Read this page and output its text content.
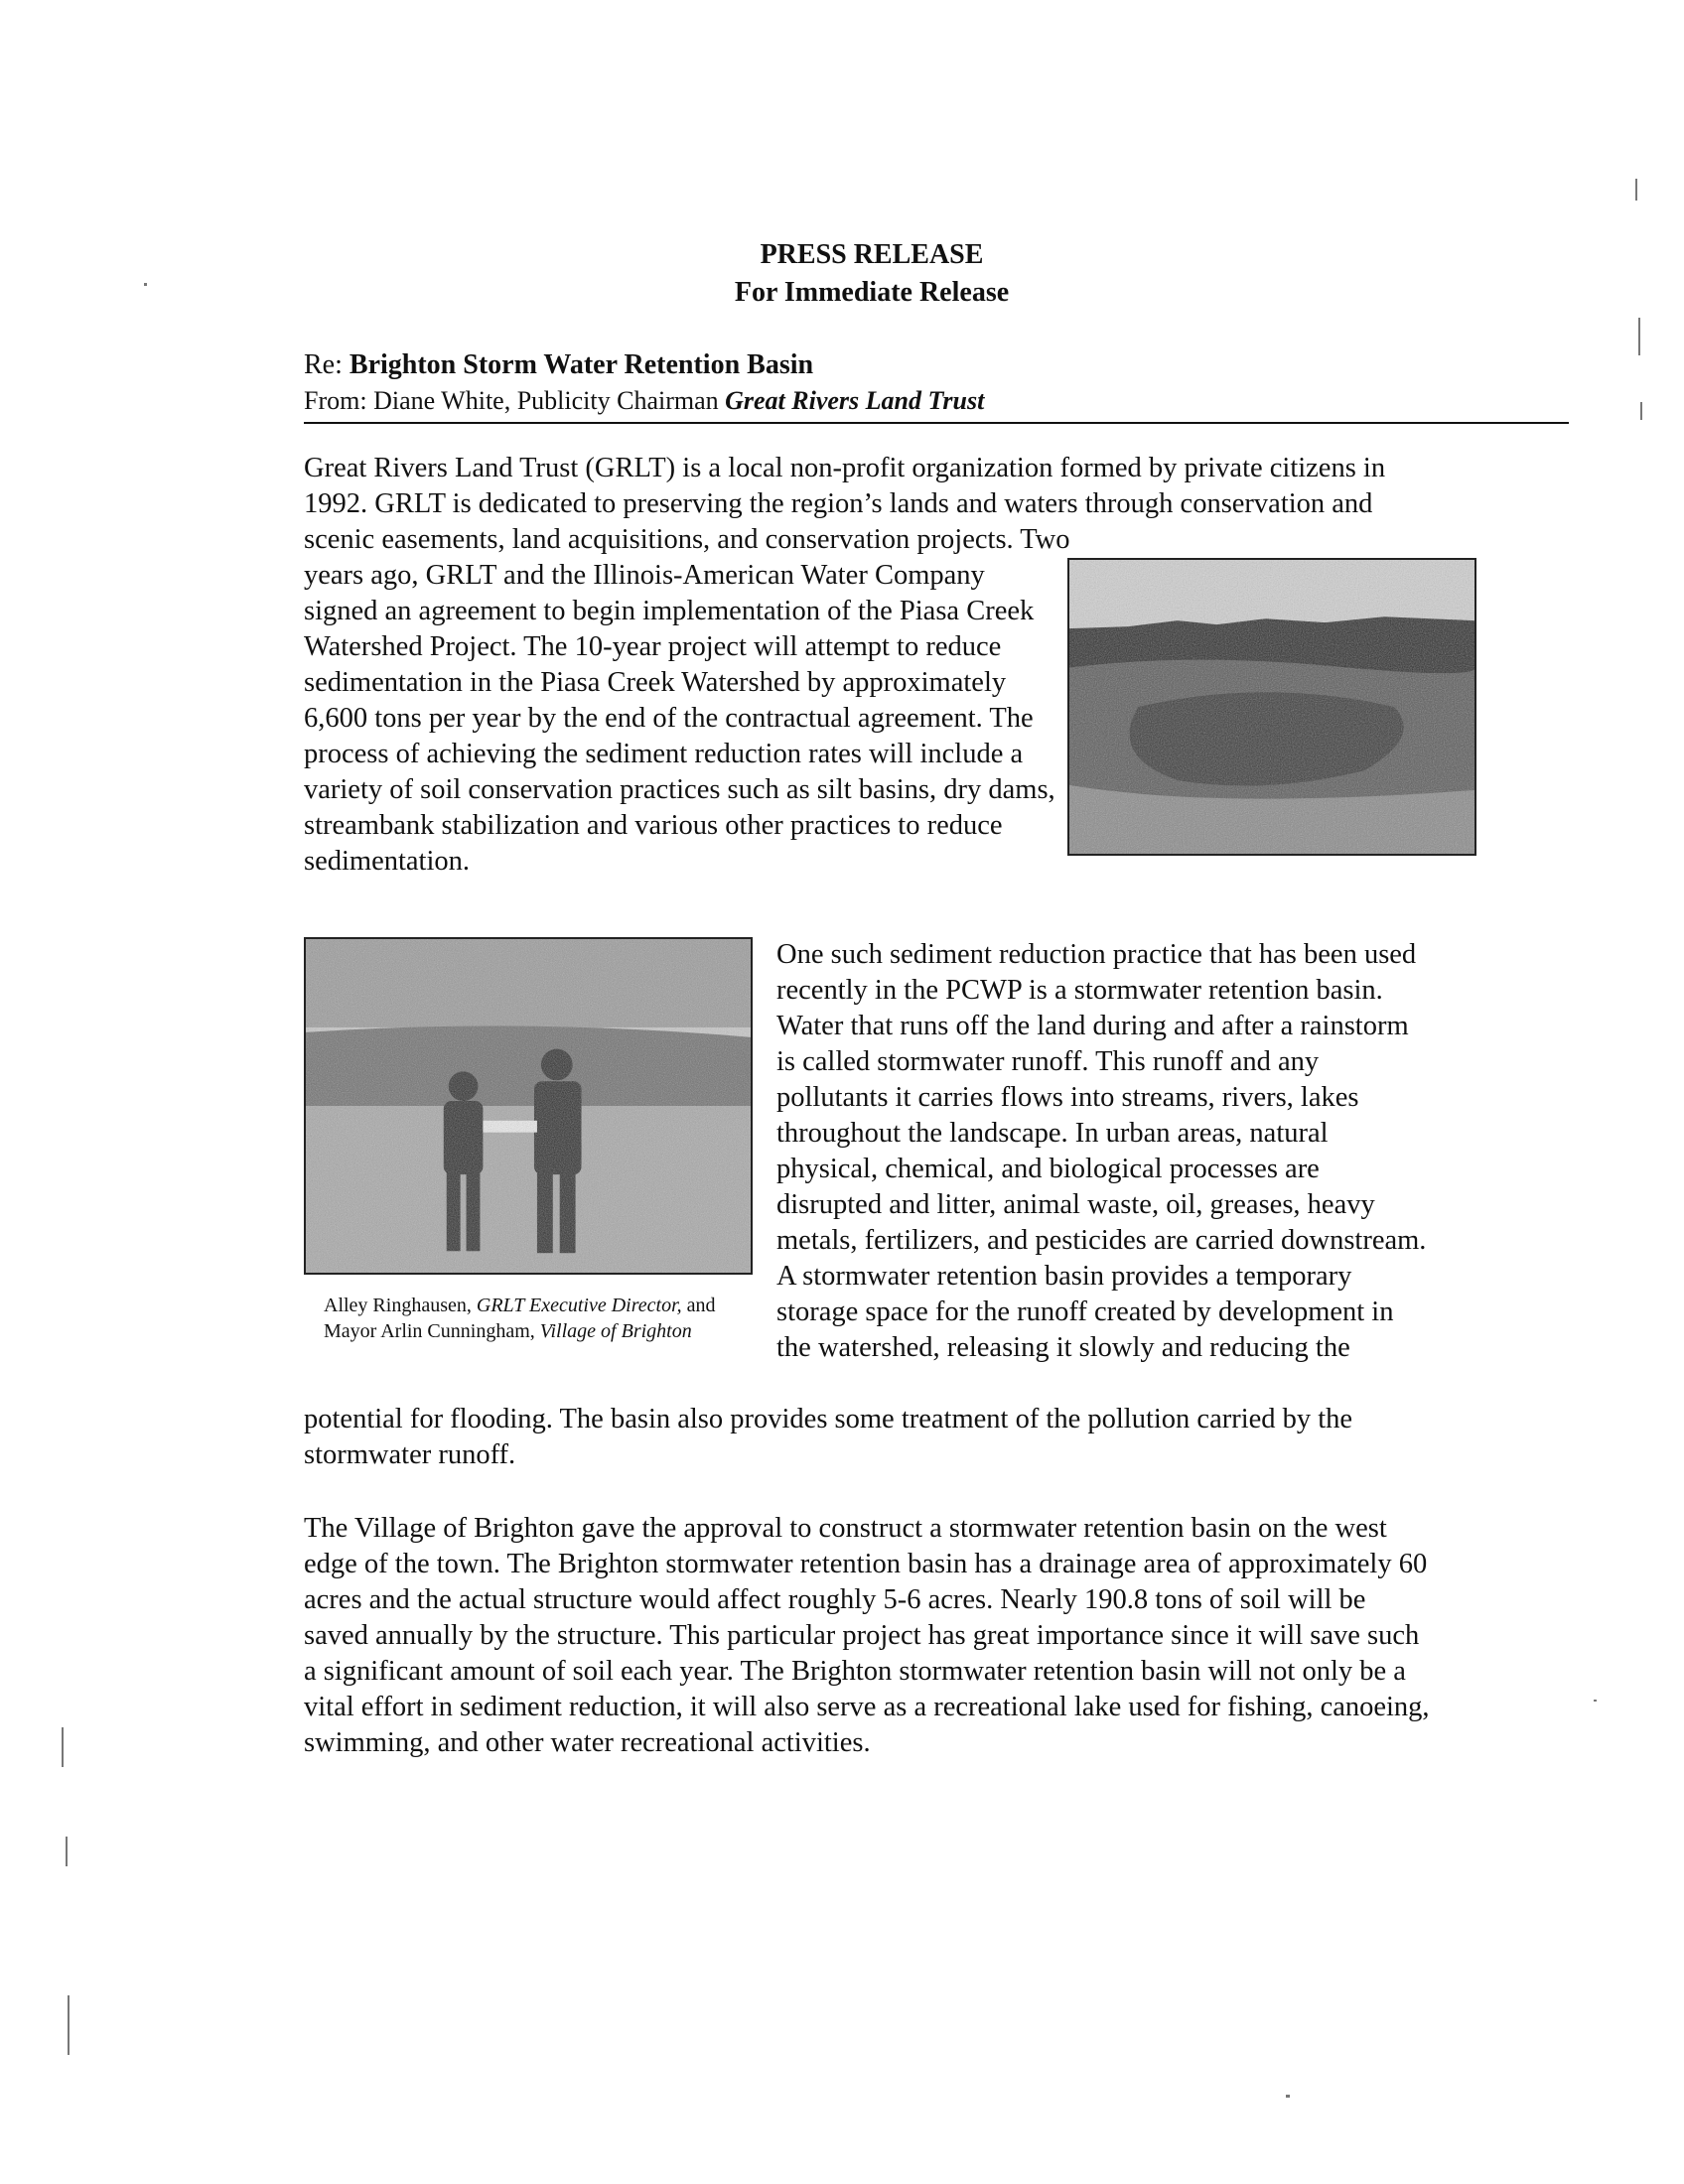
PRESS RELEASE
For Immediate Release
Re: Brighton Storm Water Retention Basin
From: Diane White, Publicity Chairman Great Rivers Land Trust

Great Rivers Land Trust (GRLT) is a local non-profit organization formed by private citizens in 1992. GRLT is dedicated to preserving the region’s lands and waters through conservation and scenic easements, land acquisitions, and conservation projects. Two

years ago, GRLT and the Illinois-American Water Company signed an agreement to begin implementation of the Piasa Creek Watershed Project. The 10-year project will attempt to reduce sedimentation in the Piasa Creek Watershed by approximately 6,600 tons per year by the end of the contractual agreement. The process of achieving the sediment reduction rates will include a variety of soil conservation practices such as silt basins, dry dams, streambank stabilization and various other practices to reduce sedimentation.

Alley Ringhausen, GRLT Executive Director, and Mayor Arlin Cunningham, Village of Brighton

One such sediment reduction practice that has been used recently in the PCWP is a stormwater retention basin. Water that runs off the land during and after a rainstorm is called stormwater runoff. This runoff and any pollutants it carries flows into streams, rivers, lakes throughout the landscape. In urban areas, natural physical, chemical, and biological processes are disrupted and litter, animal waste, oil, greases, heavy metals, fertilizers, and pesticides are carried downstream. A stormwater retention basin provides a temporary storage space for the runoff created by development in the watershed, releasing it slowly and reducing the

potential for flooding. The basin also provides some treatment of the pollution carried by the stormwater runoff.

The Village of Brighton gave the approval to construct a stormwater retention basin on the west edge of the town. The Brighton stormwater retention basin has a drainage area of approximately 60 acres and the actual structure would affect roughly 5-6 acres. Nearly 190.8 tons of soil will be saved annually by the structure. This particular project has great importance since it will save such a significant amount of soil each year. The Brighton stormwater retention basin will not only be a vital effort in sediment reduction, it will also serve as a recreational lake used for fishing, canoeing, swimming, and other water recreational activities.
